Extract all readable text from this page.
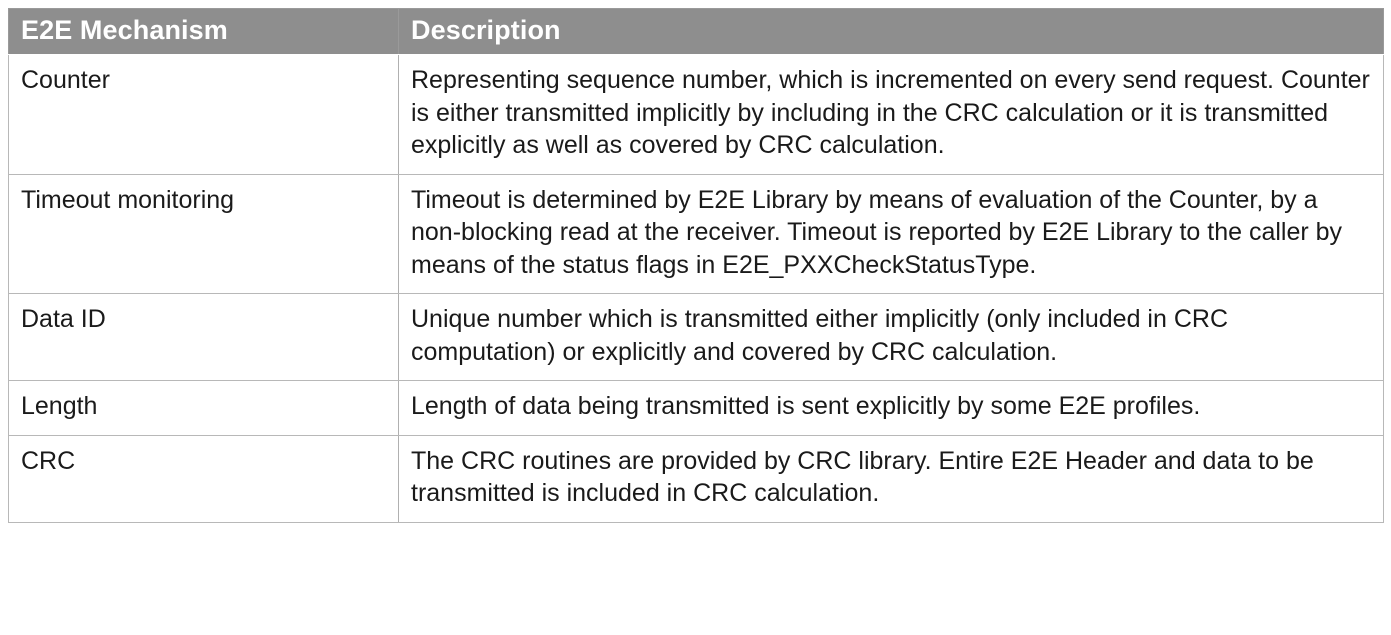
E2E Mechanism	Description
Counter	Representing sequence number, which is incremented on every send request. Counter is either transmitted implicitly by including in the CRC calculation or it is transmitted explicitly as well as covered by CRC calculation.
Timeout monitoring	Timeout is determined by E2E Library by means of evaluation of the Counter, by a non-blocking read at the receiver. Timeout is reported by E2E Library to the caller by means of the status flags in E2E_PXXCheckStatusType.
Data ID	Unique number which is transmitted either implicitly (only included in CRC computation) or explicitly and covered by CRC calculation.
Length	Length of data being transmitted is sent explicitly by some E2E profiles.
CRC	The CRC routines are provided by CRC library. Entire E2E Header and data to be transmitted is included in CRC calculation.
